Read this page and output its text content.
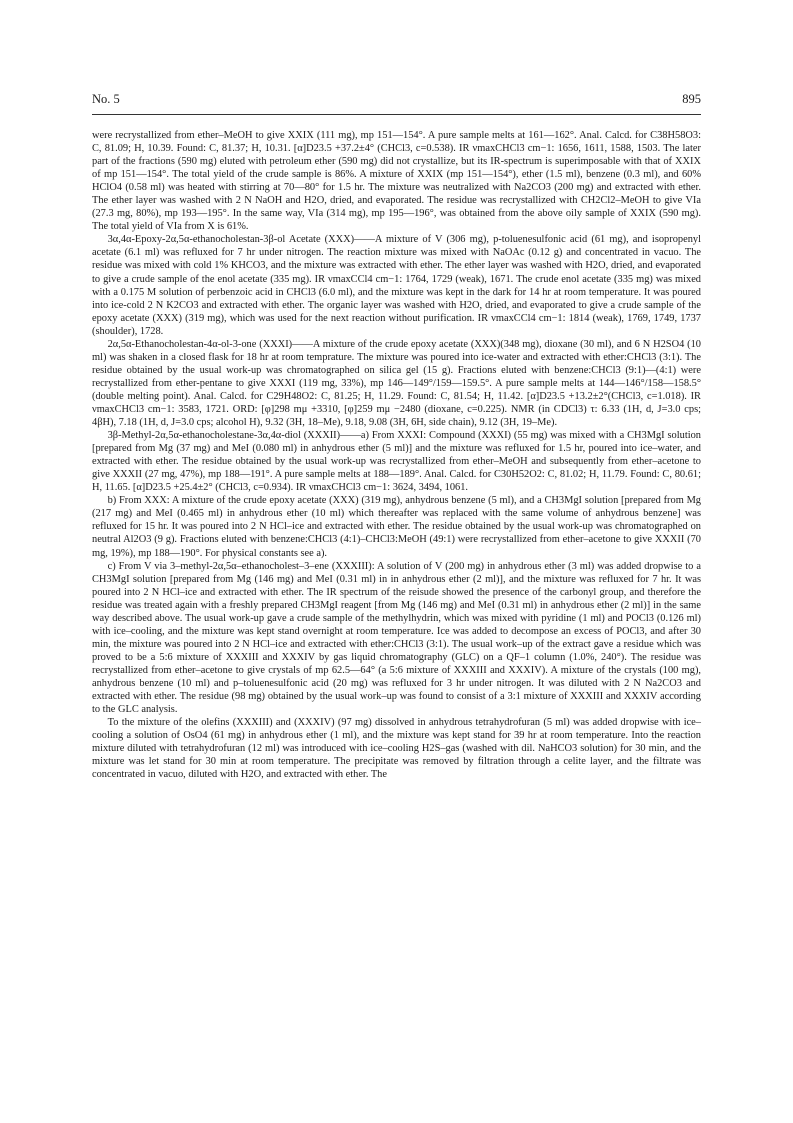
No. 5	895

were recrystallized from ether–MeOH to give XXIX (111 mg), mp 151—154°. A pure sample melts at 161—162°. Anal. Calcd. for C38H58O3: C, 81.09; H, 10.39. Found: C, 81.37; H, 10.31. [α]D23.5 +37.2±4° (CHCl3, c=0.538). IR νmaxCHCl3 cm−1: 1656, 1611, 1588, 1503. The later part of the fractions (590 mg) eluted with petroleum ether (590 mg) did not crystallize, but its IR-spectrum is superimposable with that of XXIX of mp 151—154°. The total yield of the crude sample is 86%. A mixture of XXIX (mp 151—154°), ether (1.5 ml), benzene (0.3 ml), and 60% HClO4 (0.58 ml) was heated with stirring at 70—80° for 1.5 hr. The mixture was neutralized with Na2CO3 (200 mg) and extracted with ether. The ether layer was washed with 2 N NaOH and H2O, dried, and evaporated. The residue was recrystallized with CH2Cl2–MeOH to give VIa (27.3 mg, 80%), mp 193—195°. In the same way, VIa (314 mg), mp 195—196°, was obtained from the above oily sample of XXIX (590 mg). The total yield of VIa from X is 61%.

3α,4α-Epoxy-2α,5α-ethanocholestan-3β-ol Acetate (XXX)——A mixture of V (306 mg), p-toluenesulfonic acid (61 mg), and isopropenyl acetate (6.1 ml) was refluxed for 7 hr under nitrogen. The reaction mixture was mixed with NaOAc (0.12 g) and concentrated in vacuo. The residue was mixed with cold 1% KHCO3, and the mixture was extracted with ether. The ether layer was washed with H2O, dried, and evaporated to give a crude sample of the enol acetate (335 mg). IR νmaxCCl4 cm−1: 1764, 1729 (weak), 1671. The crude enol acetate (335 mg) was mixed with a 0.175 M solution of perbenzoic acid in CHCl3 (6.0 ml), and the mixture was kept in the dark for 14 hr at room temperature. It was poured into ice-cold 2 N K2CO3 and extracted with ether. The organic layer was washed with H2O, dried, and evaporated to give a crude sample of the epoxy acetate (XXX) (319 mg), which was used for the next reaction without purification. IR νmaxCCl4 cm−1: 1814 (weak), 1769, 1749, 1737 (shoulder), 1728.

2α,5α-Ethanocholestan-4α-ol-3-one (XXXI)——A mixture of the crude epoxy acetate (XXX)(348 mg), dioxane (30 ml), and 6 N H2SO4 (10 ml) was shaken in a closed flask for 18 hr at room temprature. The mixture was poured into ice-water and extracted with ether:CHCl3 (3:1). The residue obtained by the usual work-up was chromatographed on silica gel (15 g). Fractions eluted with benzene:CHCl3 (9:1)—(4:1) were recrystallized from ether-pentane to give XXXI (119 mg, 33%), mp 146—149°/159—159.5°. A pure sample melts at 144—146°/158—158.5° (double melting point). Anal. Calcd. for C29H48O2: C, 81.25; H, 11.29. Found: C, 81.54; H, 11.42. [α]D23.5 +13.2±2°(CHCl3, c=1.018). IR νmaxCHCl3 cm−1: 3583, 1721. ORD: [φ]298 mμ +3310, [φ]259 mμ −2480 (dioxane, c=0.225). NMR (in CDCl3) τ: 6.33 (1H, d, J=3.0 cps; 4βH), 7.18 (1H, d, J=3.0 cps; alcohol H), 9.32 (3H, 18–Me), 9.18, 9.08 (3H, 6H, side chain), 9.12 (3H, 19–Me).

3β-Methyl-2α,5α-ethanocholestane-3α,4α-diol (XXXII)——a) From XXXI: Compound (XXXI) (55 mg) was mixed with a CH3MgI solution [prepared from Mg (37 mg) and MeI (0.080 ml) in anhydrous ether (5 ml)] and the mixture was refluxed for 1.5 hr, poured into ice–water, and extracted with ether. The residue obtained by the usual work-up was recrystallized from ether–MeOH and subsequently from ether–acetone to give XXXII (27 mg, 47%), mp 188—191°. A pure sample melts at 188—189°. Anal. Calcd. for C30H52O2: C, 81.02; H, 11.79. Found: C, 80.61; H, 11.65. [α]D23.5 +25.4±2° (CHCl3, c=0.934). IR νmaxCHCl3 cm−1: 3624, 3494, 1061.

b) From XXX: A mixture of the crude epoxy acetate (XXX) (319 mg), anhydrous benzene (5 ml), and a CH3MgI solution [prepared from Mg (217 mg) and MeI (0.465 ml) in anhydrous ether (10 ml) which thereafter was replaced with the same volume of anhydrous benzene] was refluxed for 15 hr. It was poured into 2 N HCl–ice and extracted with ether. The residue obtained by the usual work-up was chromatographed on neutral Al2O3 (9 g). Fractions eluted with benzene:CHCl3 (4:1)–CHCl3:MeOH (49:1) were recrystallized from ether–acetone to give XXXII (70 mg, 19%), mp 188—190°. For physical constants see a).

c) From V via 3–methyl-2α,5α–ethanocholest–3–ene (XXXIII): A solution of V (200 mg) in anhydrous ether (3 ml) was added dropwise to a CH3MgI solution [prepared from Mg (146 mg) and MeI (0.31 ml) in in anhydrous ether (2 ml)], and the mixture was refluxed for 7 hr. It was poured into 2 N HCl–ice and extracted with ether. The IR spectrum of the reisude showed the presence of the carbonyl group, and therefore the residue was treated again with a freshly prepared CH3MgI reagent [from Mg (146 mg) and MeI (0.31 ml) in anhydrous ether (2 ml)] in the same way described above. The usual work-up gave a crude sample of the methylhydrin, which was mixed with pyridine (1 ml) and POCl3 (0.126 ml) with ice–cooling, and the mixture was kept stand overnight at room temperature. Ice was added to decompose an excess of POCl3, and after 30 min, the mixture was poured into 2 N HCl–ice and extracted with ether:CHCl3 (3:1). The usual work–up of the extract gave a residue which was proved to be a 5:6 mixture of XXXIII and XXXIV by gas liquid chromatography (GLC) on a QF–1 column (1.0%, 240°). The residue was recrystallized from ether–acetone to give crystals of mp 62.5—64° (a 5:6 mixture of XXXIII and XXXIV). A mixture of the crystals (100 mg), anhydrous benzene (10 ml) and p–toluenesulfonic acid (20 mg) was refluxed for 3 hr under nitrogen. It was diluted with 2 N Na2CO3 and extracted with ether. The residue (98 mg) obtained by the usual work–up was found to consist of a 3:1 mixture of XXXIII and XXXIV according to the GLC analysis.

To the mixture of the olefins (XXXIII) and (XXXIV) (97 mg) dissolved in anhydrous tetrahydrofuran (5 ml) was added dropwise with ice–cooling a solution of OsO4 (61 mg) in anhydrous ether (1 ml), and the mixture was kept stand for 39 hr at room temperature. Into the reaction mixture diluted with tetrahydrofuran (12 ml) was introduced with ice–cooling H2S–gas (washed with dil. NaHCO3 solution) for 30 min, and the mixture was let stand for 30 min at room temperature. The precipitate was removed by filtration through a celite layer, and the filtrate was concentrated in vacuo, diluted with H2O, and extracted with ether. The
